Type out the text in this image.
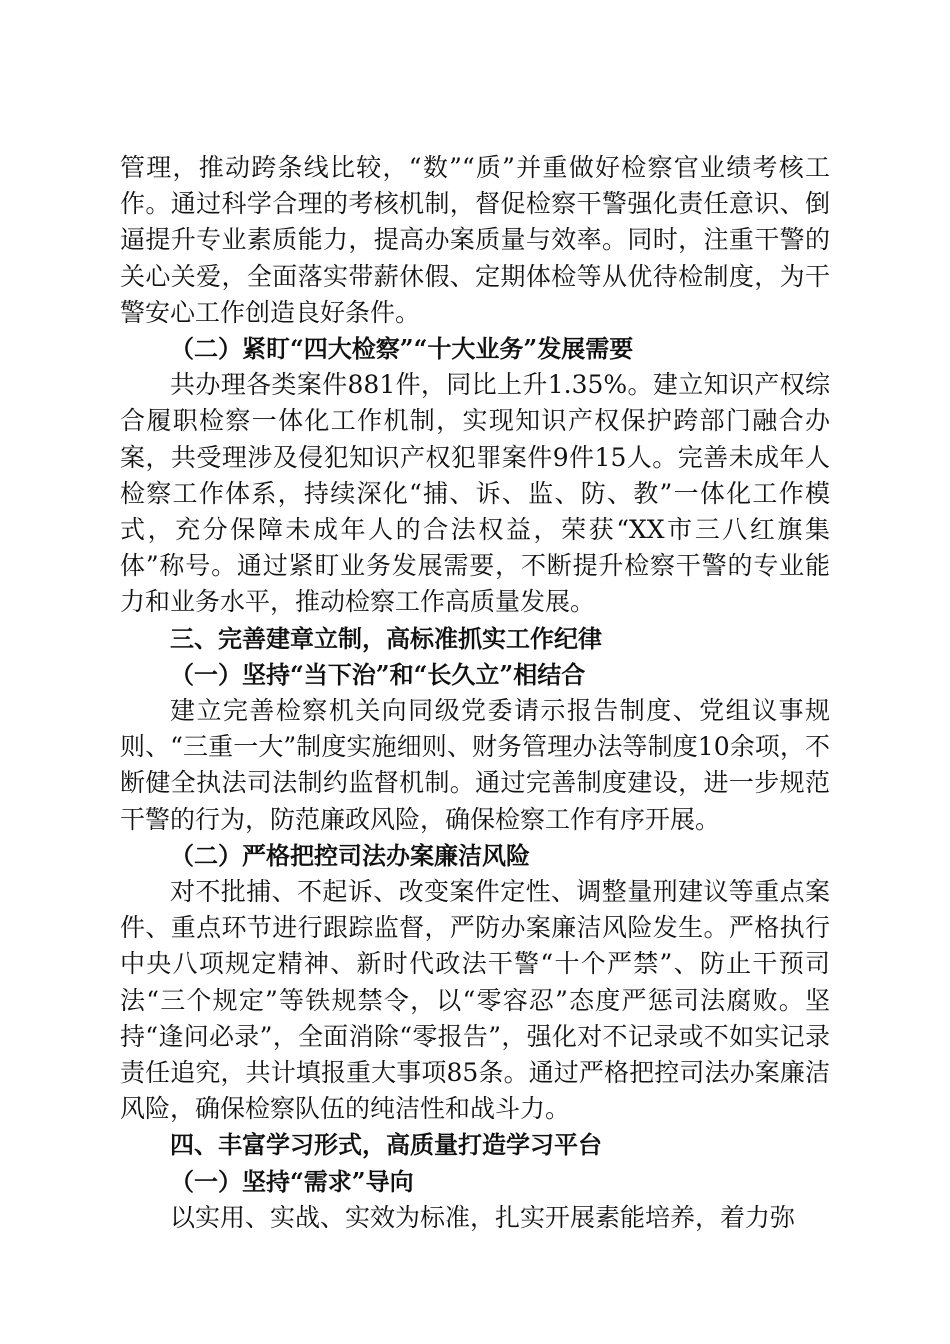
管理，推动跨条线比较，“数”“质”并重做好检察官业绩考核工作。通过科学合理的考核机制，督促检察干警强化责任意识、倒逼提升专业素质能力，提高办案质量与效率。同时，注重干警的关心关爱，全面落实带薪休假、定期体检等从优待检制度，为干警安心工作创造良好条件。

（二）紧盯“四大检察”“十大业务”发展需要

共办理各类案件881件，同比上升1.35%。建立知识产权综合履职检察一体化工作机制，实现知识产权保护跨部门融合办案，共受理涉及侵犯知识产权犯罪案件9件15人。完善未成年人检察工作体系，持续深化“捕、诉、监、防、教”一体化工作模式，充分保障未成年人的合法权益，荣获“XX市三八红旗集体”称号。通过紧盯业务发展需要，不断提升检察干警的专业能力和业务水平，推动检察工作高质量发展。

三、完善建章立制，高标准抓实工作纪律

（一）坚持“当下治”和“长久立”相结合

建立完善检察机关向同级党委请示报告制度、党组议事规则、“三重一大”制度实施细则、财务管理办法等制度10余项，不断健全执法司法制约监督机制。通过完善制度建设，进一步规范干警的行为，防范廉政风险，确保检察工作有序开展。

（二）严格把控司法办案廉洁风险

对不批捕、不起诉、改变案件定性、调整量刑建议等重点案件、重点环节进行跟踪监督，严防办案廉洁风险发生。严格执行中央八项规定精神、新时代政法干警“十个严禁”、防止干预司法“三个规定”等铁规禁令，以“零容忍”态度严惩司法腐败。坚持“逢问必录”，全面消除“零报告”，强化对不记录或不如实记录责任追究，共计填报重大事项85条。通过严格把控司法办案廉洁风险，确保检察队伍的纯洁性和战斗力。

四、丰富学习形式，高质量打造学习平台

（一）坚持“需求”导向

以实用、实战、实效为标准，扎实开展素能培养，着力弥
